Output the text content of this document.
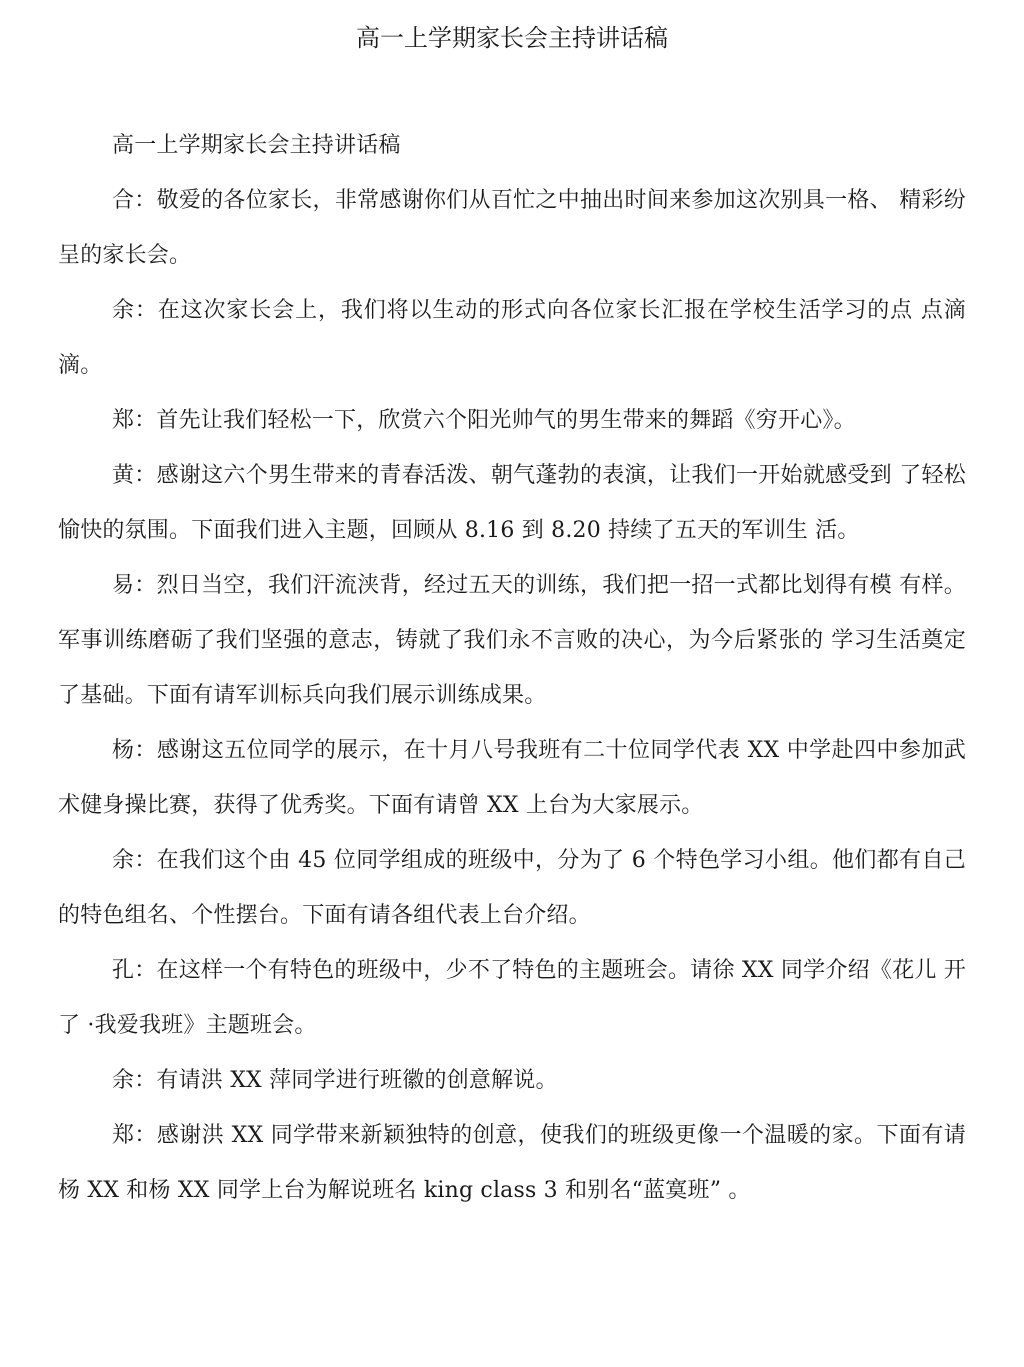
高一上学期家长会主持讲话稿

高一上学期家长会主持讲话稿

合：敬爱的各位家长，非常感谢你们从百忙之中抽出时间来参加这次别具一格、 精彩纷呈的家长会。

余：在这次家长会上，我们将以生动的形式向各位家长汇报在学校生活学习的点 点滴滴。

郑：首先让我们轻松一下，欣赏六个阳光帅气的男生带来的舞蹈《穷开心》。

黄：感谢这六个男生带来的青春活泼、朝气蓬勃的表演，让我们一开始就感受到 了轻松愉快的氛围。下面我们进入主题，回顾从 8.16 到 8.20 持续了五天的军训生 活。

易：烈日当空，我们汗流浃背，经过五天的训练，我们把一招一式都比划得有模 有样。军事训练磨砺了我们坚强的意志，铸就了我们永不言败的决心，为今后紧张的 学习生活奠定了基础。下面有请军训标兵向我们展示训练成果。

杨：感谢这五位同学的展示，在十月八号我班有二十位同学代表 XX 中学赴四中参加武术健身操比赛，获得了优秀奖。下面有请曾 XX 上台为大家展示。

余：在我们这个由 45 位同学组成的班级中，分为了 6 个特色学习小组。他们都有自己的特色组名、个性摆台。下面有请各组代表上台介绍。

孔：在这样一个有特色的班级中，少不了特色的主题班会。请徐 XX 同学介绍《花儿 开了 ·我爱我班》主题班会。

余：有请洪 XX 萍同学进行班徽的创意解说。

郑：感谢洪 XX 同学带来新颖独特的创意，使我们的班级更像一个温暖的家。下面有请杨 XX 和杨 XX 同学上台为解说班名 king class 3 和别名“蓝寞班” 。
